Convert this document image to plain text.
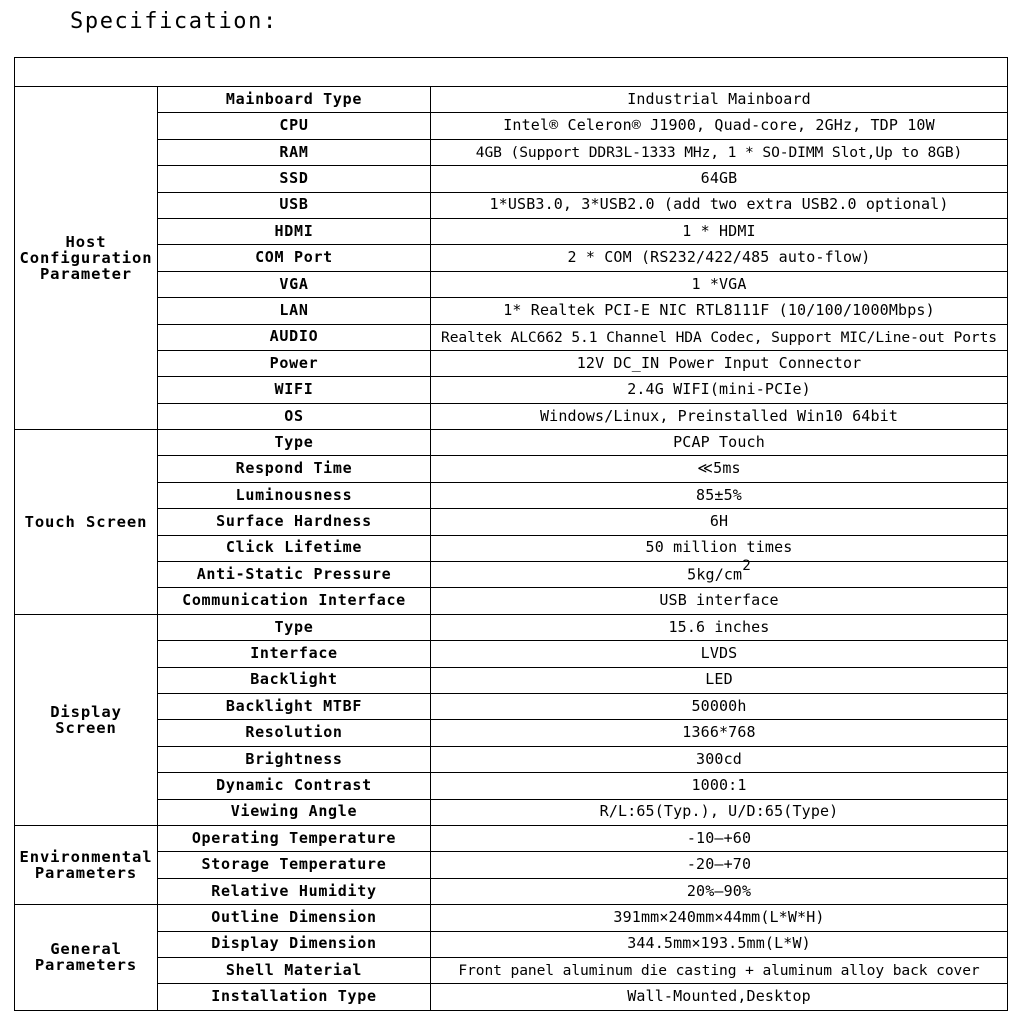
Specification:

Host
Configuration
Parameter	Mainboard Type	Industrial Mainboard
	CPU	Intel® Celeron® J1900, Quad-core, 2GHz, TDP 10W
	RAM	4GB (Support DDR3L-1333 MHz, 1 * SO-DIMM Slot,Up to 8GB)
	SSD	64GB
	USB	1*USB3.0, 3*USB2.0 (add two extra USB2.0 optional)
	HDMI	1 * HDMI
	COM Port	2 * COM (RS232/422/485 auto-flow)
	VGA	1 *VGA
	LAN	1* Realtek PCI-E NIC RTL8111F (10/100/1000Mbps)
	AUDIO	Realtek ALC662 5.1 Channel HDA Codec, Support MIC/Line-out Ports
	Power	12V DC_IN Power Input Connector
	WIFI	2.4G WIFI(mini-PCIe)
	OS	Windows/Linux, Preinstalled Win10 64bit
Touch Screen	Type	PCAP Touch
	Respond Time	≪5ms
	Luminousness	85±5%
	Surface Hardness	6H
	Click Lifetime	50 million times
	Anti-Static Pressure	$5kg/cm^2$
	Communication Interface	USB interface
Display
Screen	Type	15.6 inches
	Interface	LVDS
	Backlight	LED
	Backlight MTBF	50000h
	Resolution	1366*768
	Brightness	300cd
	Dynamic Contrast	1000:1
	Viewing Angle	R/L:65(Typ.), U/D:65(Type)
Environmental
Parameters	Operating Temperature	-10—+60
	Storage Temperature	-20—+70
	Relative Humidity	20%—90%
General
Parameters	Outline Dimension	391mm×240mm×44mm(L*W*H)
	Display Dimension	344.5mm×193.5mm(L*W)
	Shell Material	Front panel aluminum die casting + aluminum alloy back cover
	Installation Type	Wall-Mounted,Desktop
